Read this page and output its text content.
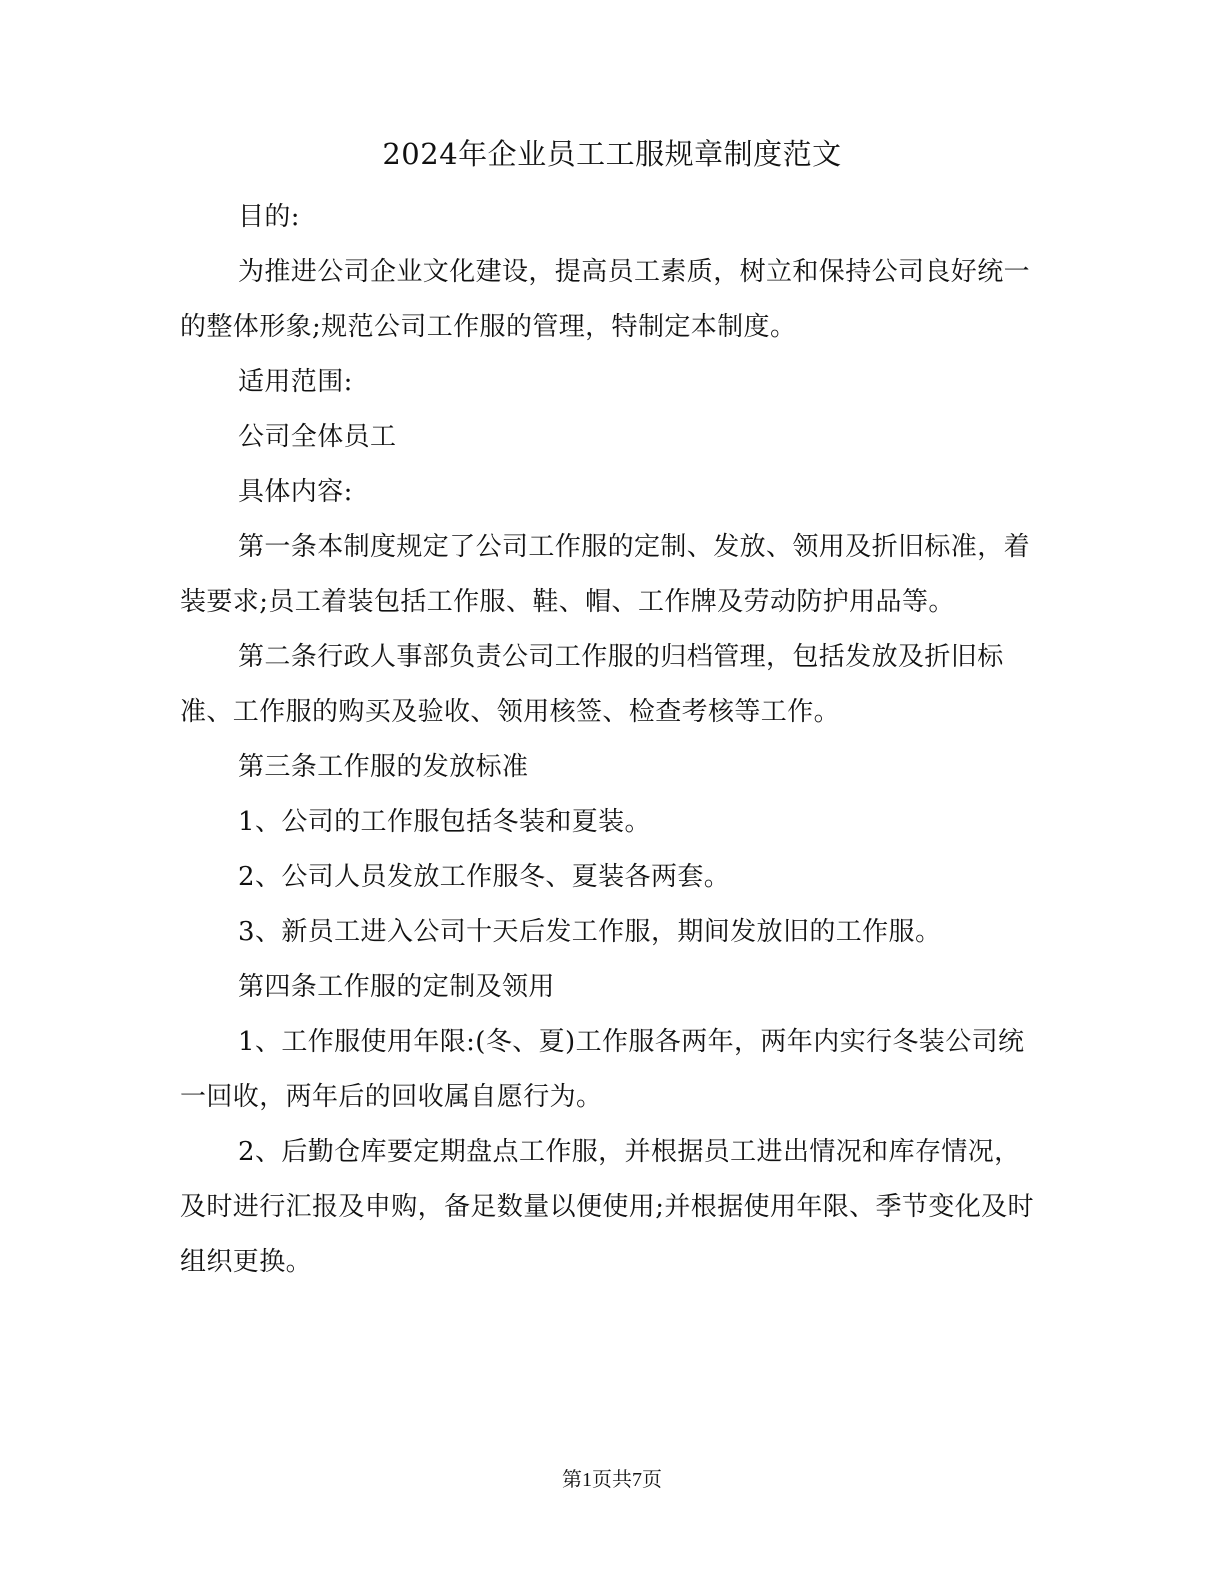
2024年企业员工工服规章制度范文

目的:

为推进公司企业文化建设，提高员工素质，树立和保持公司良好统一的整体形象;规范公司工作服的管理，特制定本制度。

适用范围:

公司全体员工

具体内容:

第一条本制度规定了公司工作服的定制、发放、领用及折旧标准，着装要求;员工着装包括工作服、鞋、帽、工作牌及劳动防护用品等。

第二条行政人事部负责公司工作服的归档管理，包括发放及折旧标准、工作服的购买及验收、领用核签、检查考核等工作。

第三条工作服的发放标准

1、公司的工作服包括冬装和夏装。

2、公司人员发放工作服冬、夏装各两套。

3、新员工进入公司十天后发工作服，期间发放旧的工作服。

第四条工作服的定制及领用

1、工作服使用年限:(冬、夏)工作服各两年，两年内实行冬装公司统一回收，两年后的回收属自愿行为。

2、后勤仓库要定期盘点工作服，并根据员工进出情况和库存情况，及时进行汇报及申购，备足数量以便使用;并根据使用年限、季节变化及时组织更换。

第1页共7页
